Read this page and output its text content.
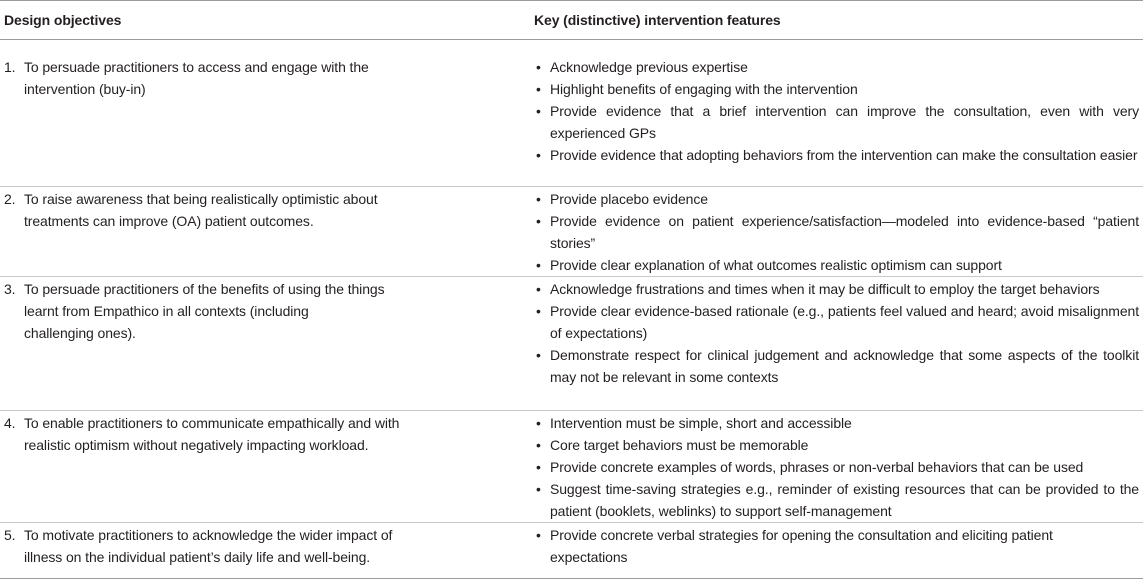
Design objectives	Key (distinctive) intervention features
1. To persuade practitioners to access and engage with the
intervention (buy-in)
• Acknowledge previous expertise
• Highlight benefits of engaging with the intervention
• Provide evidence that a brief intervention can improve the consultation, even with very experienced GPs
• Provide evidence that adopting behaviors from the intervention can make the consultation easier
2. To raise awareness that being realistically optimistic about
treatments can improve (OA) patient outcomes.
• Provide placebo evidence
• Provide evidence on patient experience/satisfaction—modeled into evidence-based “patient stories”
• Provide clear explanation of what outcomes realistic optimism can support
3. To persuade practitioners of the benefits of using the things
learnt from Empathico in all contexts (including
challenging ones).
• Acknowledge frustrations and times when it may be difficult to employ the target behaviors
• Provide clear evidence-based rationale (e.g., patients feel valued and heard; avoid misalignment of expectations)
• Demonstrate respect for clinical judgement and acknowledge that some aspects of the toolkit may not be relevant in some contexts
4. To enable practitioners to communicate empathically and with
realistic optimism without negatively impacting workload.
• Intervention must be simple, short and accessible
• Core target behaviors must be memorable
• Provide concrete examples of words, phrases or non-verbal behaviors that can be used
• Suggest time-saving strategies e.g., reminder of existing resources that can be provided to the patient (booklets, weblinks) to support self-management
5. To motivate practitioners to acknowledge the wider impact of
illness on the individual patient’s daily life and well-being.
• Provide concrete verbal strategies for opening the consultation and eliciting patient expectations
